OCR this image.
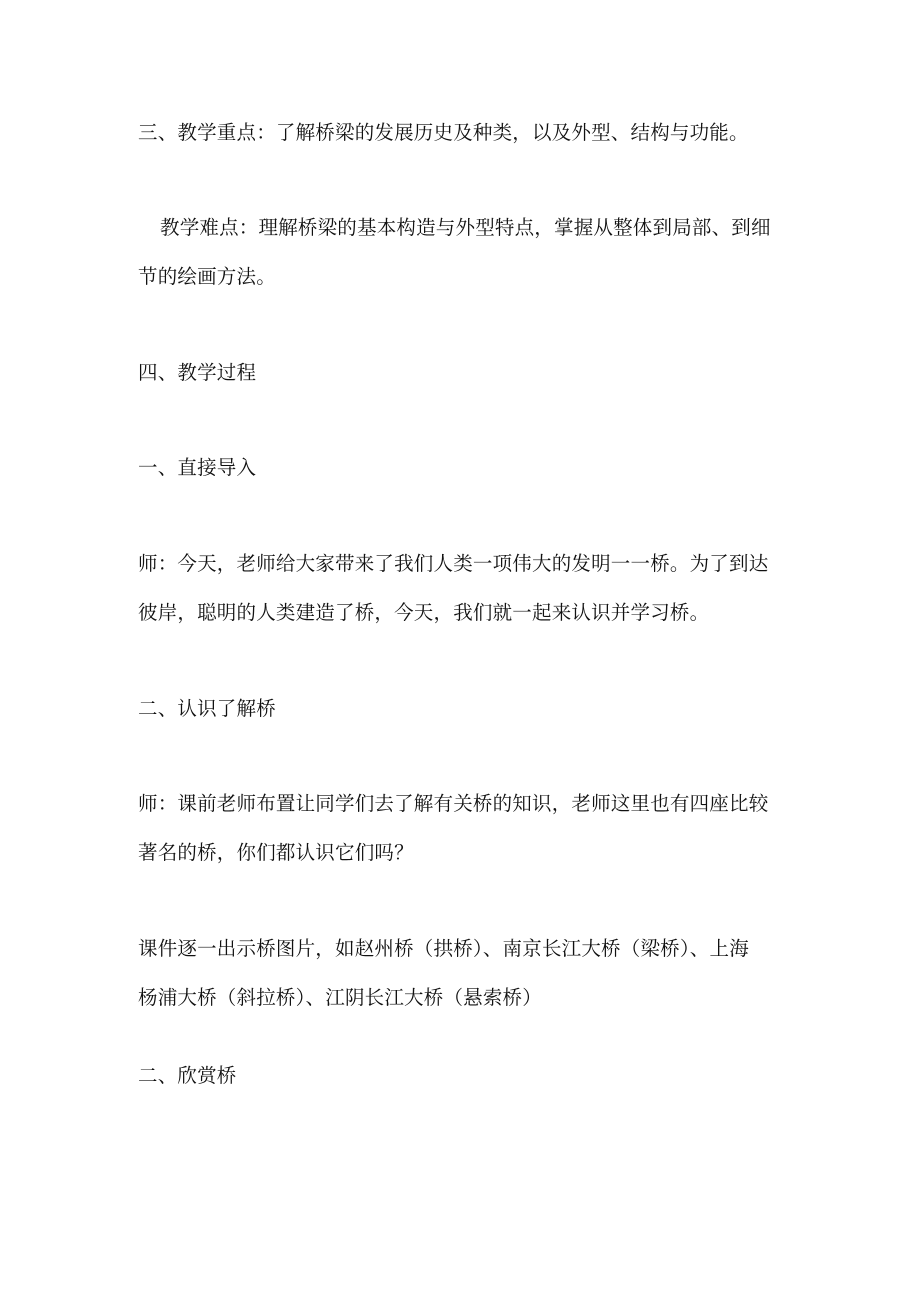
三、教学重点：了解桥梁的发展历史及种类，以及外型、结构与功能。
教学难点：理解桥梁的基本构造与外型特点，掌握从整体到局部、到细
节的绘画方法。
四、教学过程
一、直接导入
师：今天，老师给大家带来了我们人类一项伟大的发明一一桥。为了到达
彼岸，聪明的人类建造了桥，今天，我们就一起来认识并学习桥。
二、认识了解桥
师：课前老师布置让同学们去了解有关桥的知识，老师这里也有四座比较
著名的桥，你们都认识它们吗？
课件逐一出示桥图片，如赵州桥（拱桥）、南京长江大桥（梁桥）、上海
杨浦大桥（斜拉桥）、江阴长江大桥（悬索桥）
二、欣赏桥
